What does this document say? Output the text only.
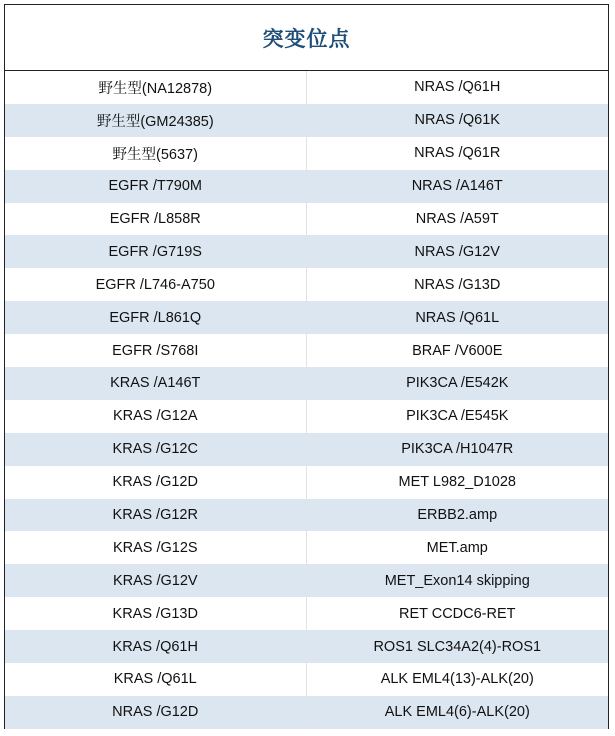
突变位点
野生型(NA12878)	NRAS /Q61H
野生型(GM24385)	NRAS /Q61K
野生型(5637)	NRAS /Q61R
EGFR /T790M	NRAS /A146T
EGFR /L858R	NRAS /A59T
EGFR /G719S	NRAS /G12V
EGFR /L746-A750	NRAS /G13D
EGFR /L861Q	NRAS /Q61L
EGFR /S768I	BRAF /V600E
KRAS /A146T	PIK3CA /E542K
KRAS /G12A	PIK3CA /E545K
KRAS /G12C	PIK3CA /H1047R
KRAS /G12D	MET L982_D1028
KRAS /G12R	ERBB2.amp
KRAS /G12S	MET.amp
KRAS /G12V	MET_Exon14 skipping
KRAS /G13D	RET CCDC6-RET
KRAS /Q61H	ROS1 SLC34A2(4)-ROS1
KRAS /Q61L	ALK EML4(13)-ALK(20)
NRAS /G12D	ALK EML4(6)-ALK(20)
